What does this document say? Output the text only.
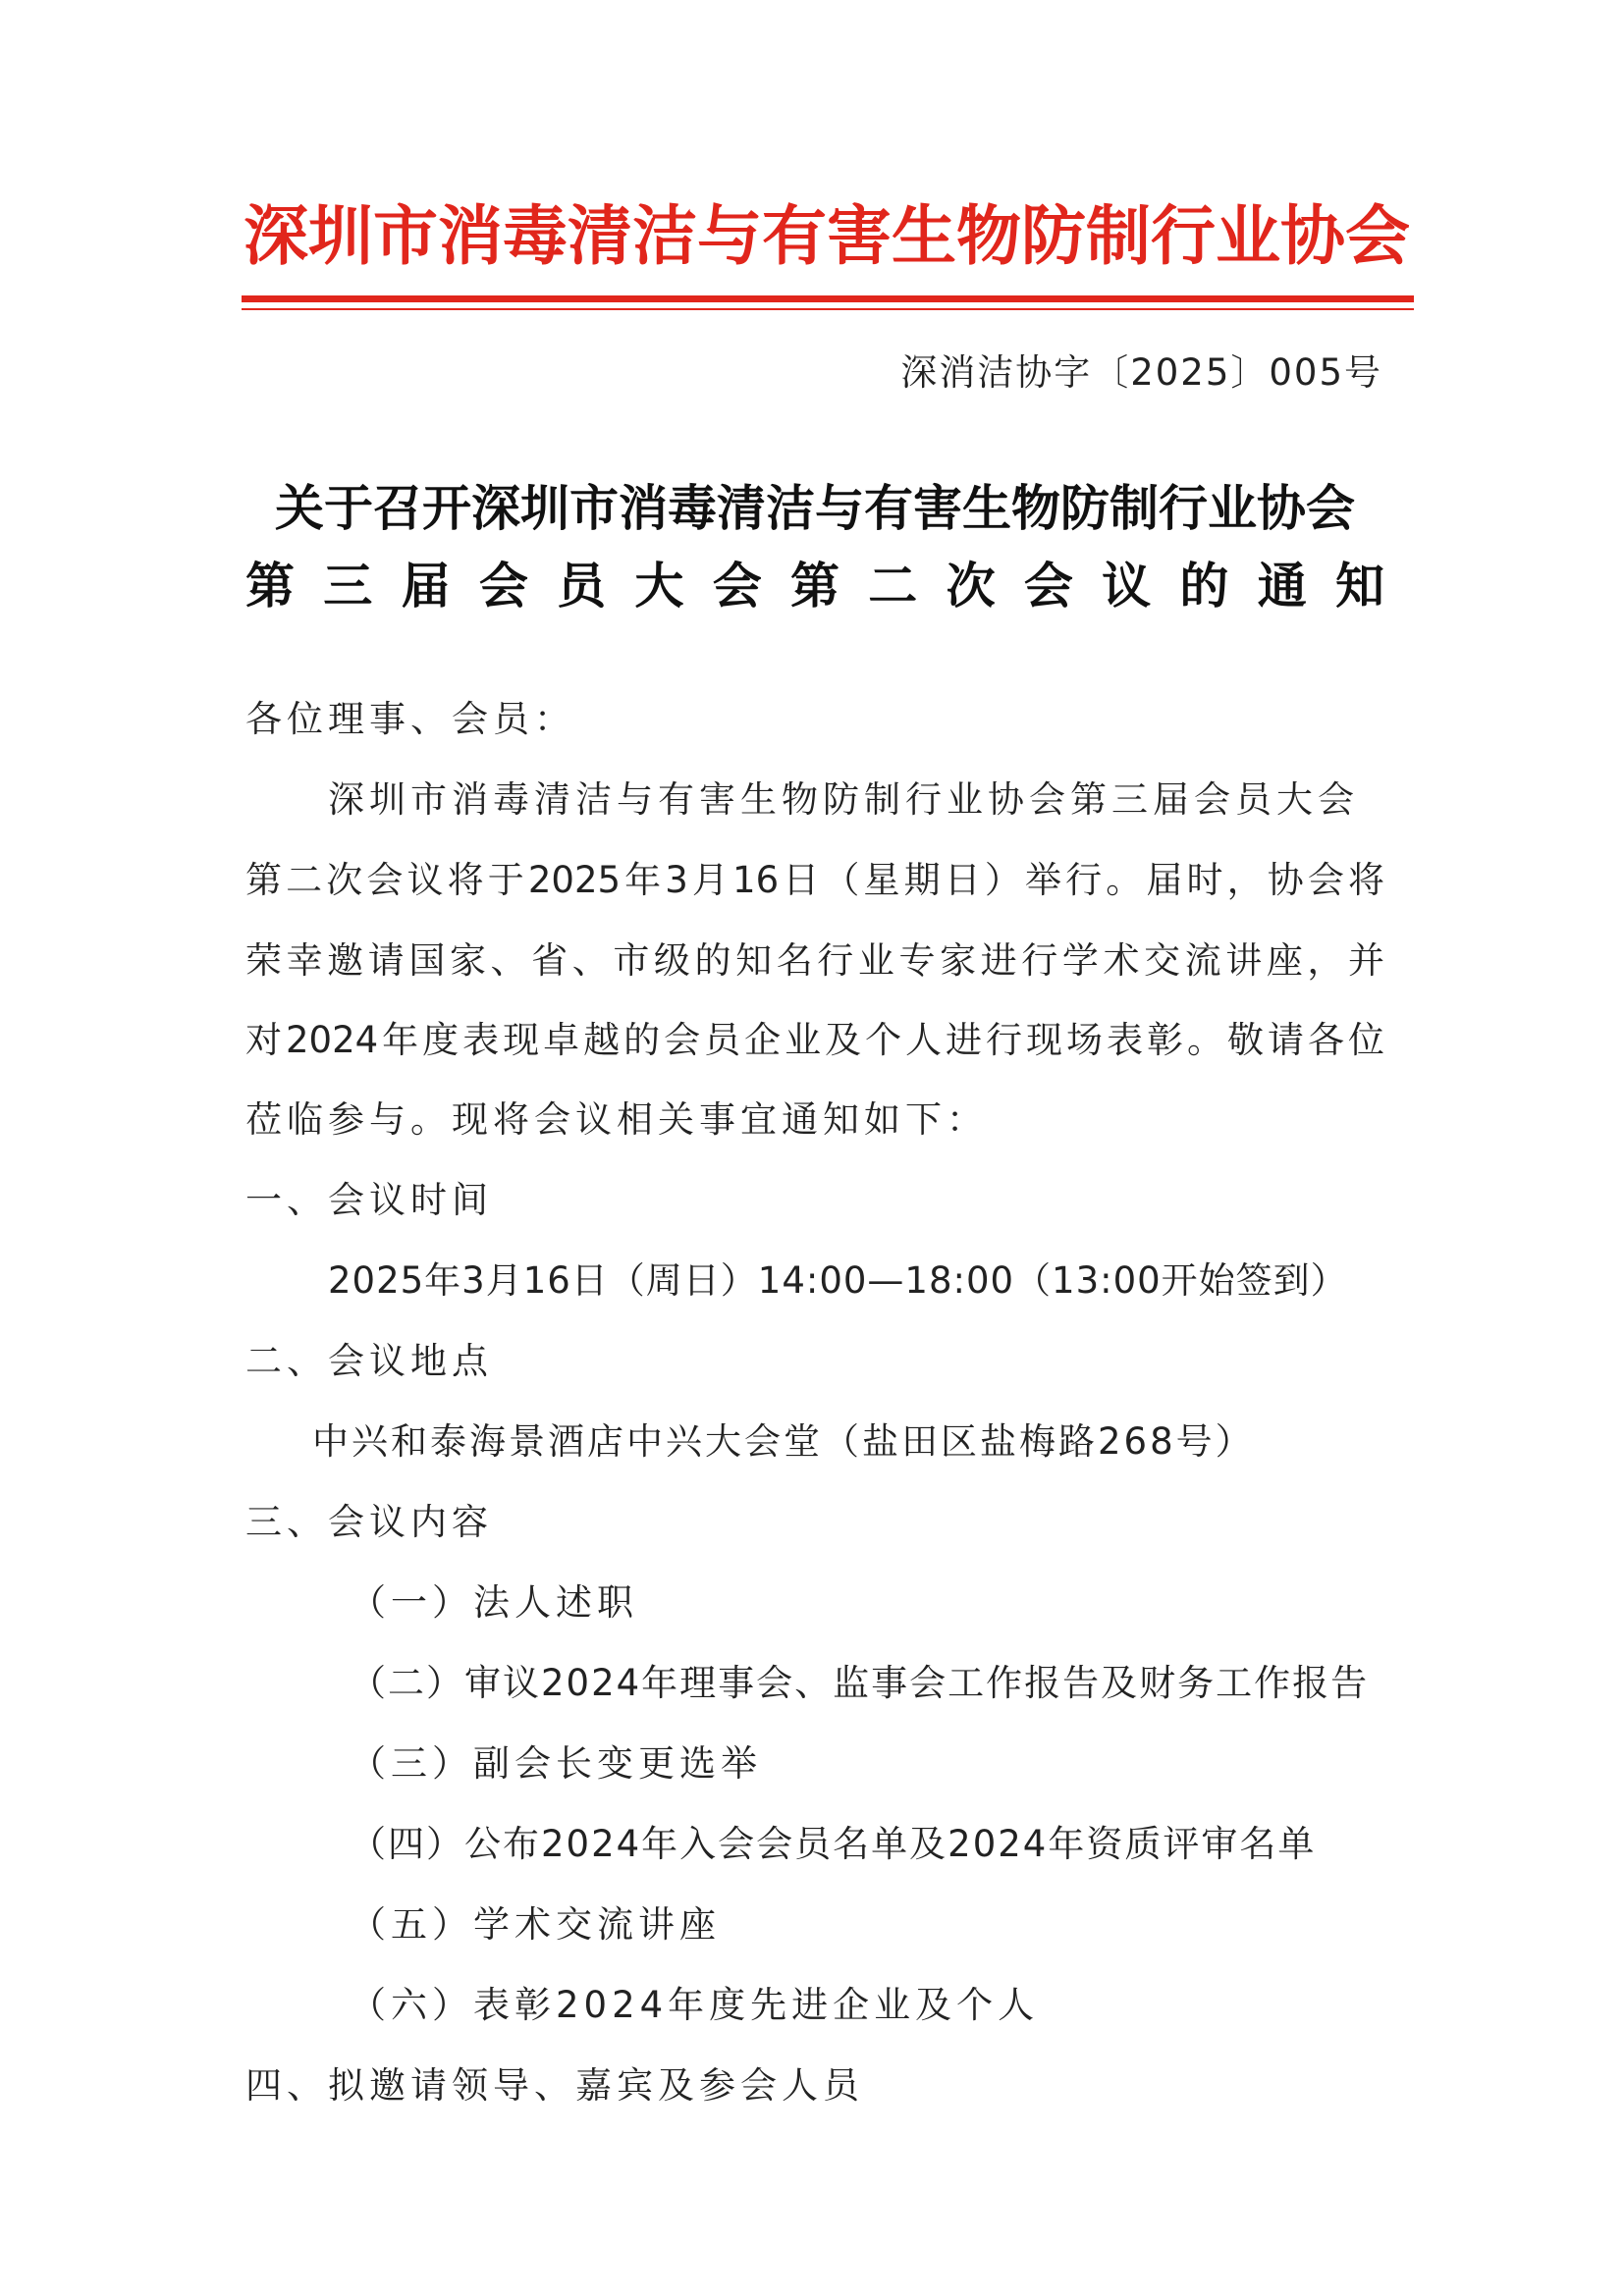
深圳市消毒清洁与有害生物防制行业协会
深消洁协字〔2025〕005号
关于召开深圳市消毒清洁与有害生物防制行业协会
第三届会员大会第二次会议的通知
各位理事、会员：
深圳市消毒清洁与有害生物防制行业协会第三届会员大会
第二次会议将于2025年3月16日（星期日）举行。届时，协会将
荣幸邀请国家、省、市级的知名行业专家进行学术交流讲座，并
对2024年度表现卓越的会员企业及个人进行现场表彰。敬请各位
莅临参与。现将会议相关事宜通知如下：
一、会议时间
2025年3月16日（周日）14:00—18:00（13:00开始签到）
二、会议地点
中兴和泰海景酒店中兴大会堂（盐田区盐梅路268号）
三、会议内容
（一）法人述职
（二）审议2024年理事会、监事会工作报告及财务工作报告
（三）副会长变更选举
（四）公布2024年入会会员名单及2024年资质评审名单
（五）学术交流讲座
（六）表彰2024年度先进企业及个人
四、拟邀请领导、嘉宾及参会人员
